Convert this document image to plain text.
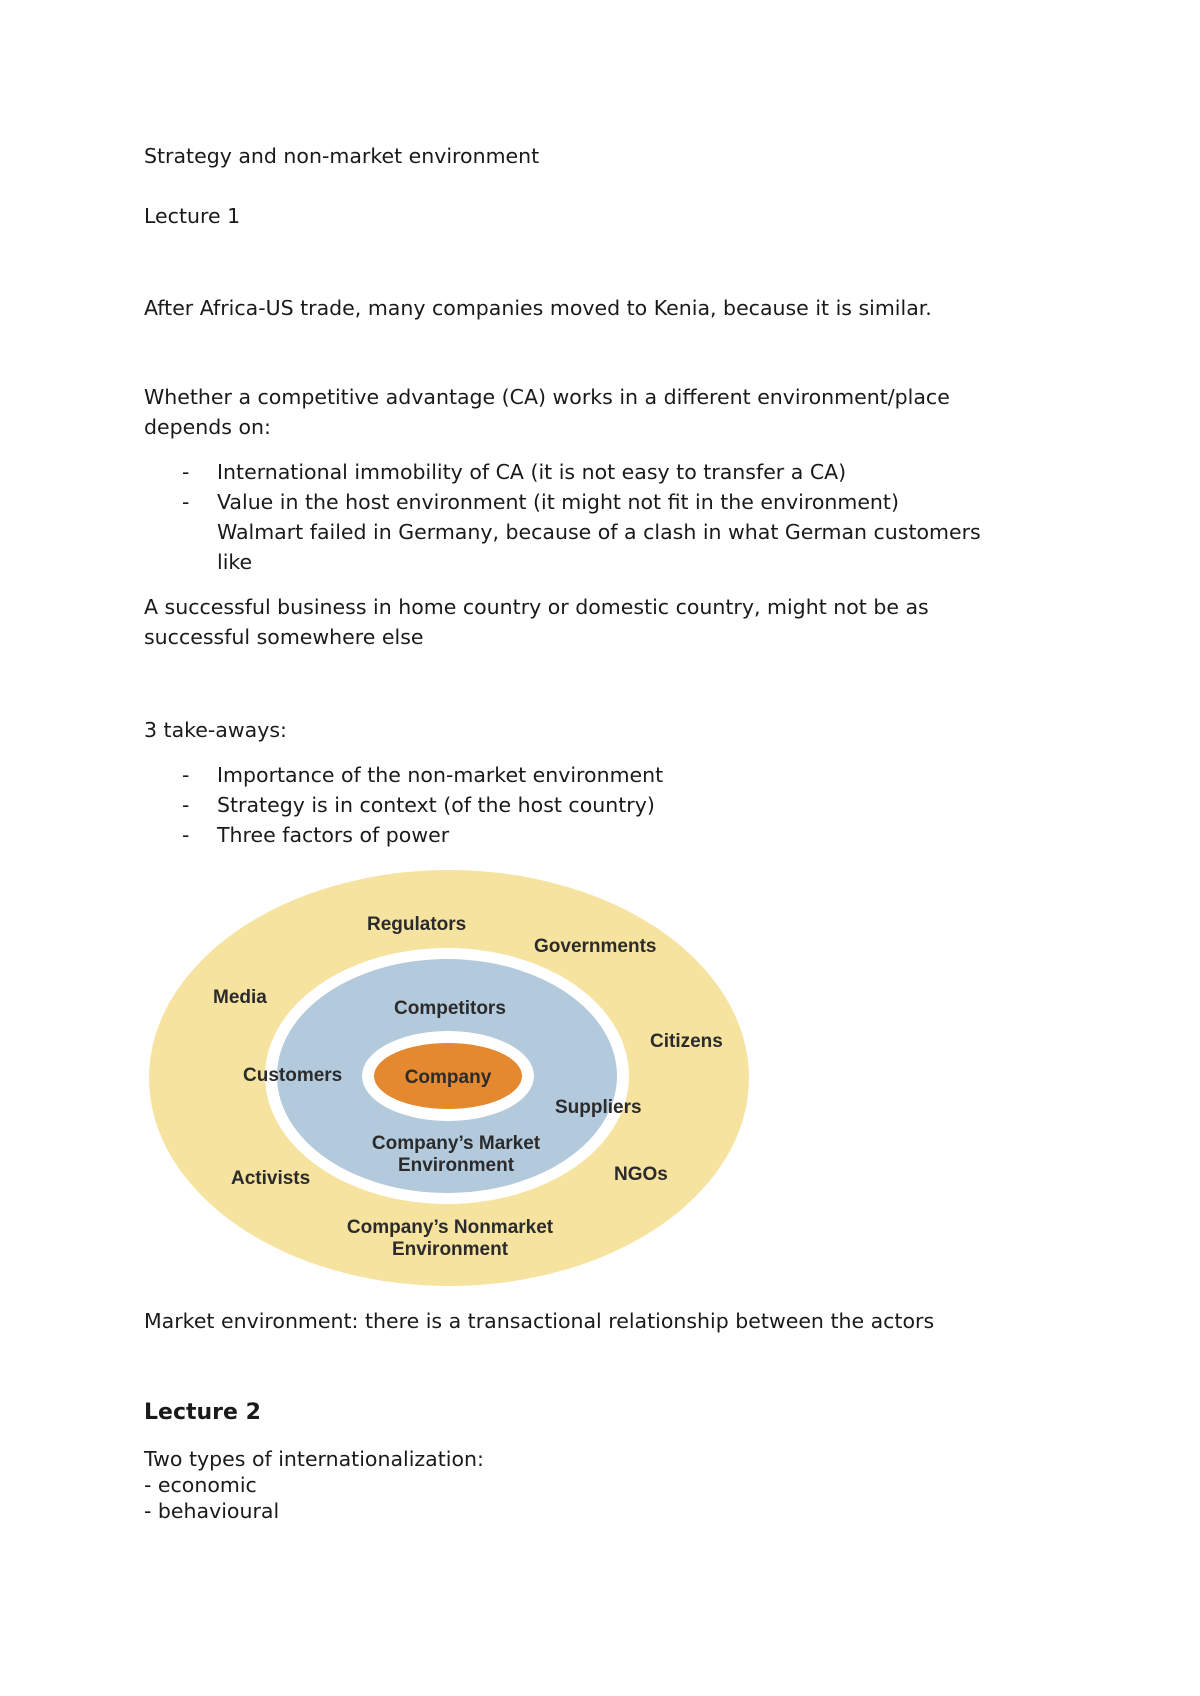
Strategy and non-market environment

Lecture 1

After Africa-US trade, many companies moved to Kenia, because it is similar.

Whether a competitive advantage (CA) works in a different environment/place

depends on:

- International immobility of CA (it is not easy to transfer a CA)
- Value in the host environment (it might not fit in the environment)

Walmart failed in Germany, because of a clash in what German customers

like

A successful business in home country or domestic country, might not be as

successful somewhere else

3 take-aways:

- Importance of the non-market environment
- Strategy is in context (of the host country)
- Three factors of power
Regulators
Governments
Media
Citizens
Activists	NGOs
Company’s Nonmarket
Environment
Competitors
Customers
Suppliers
Company’s Market
Environment
Company

Market environment: there is a transactional relationship between the actors

Lecture 2

Two types of internationalization:

- economic

- behavioural
